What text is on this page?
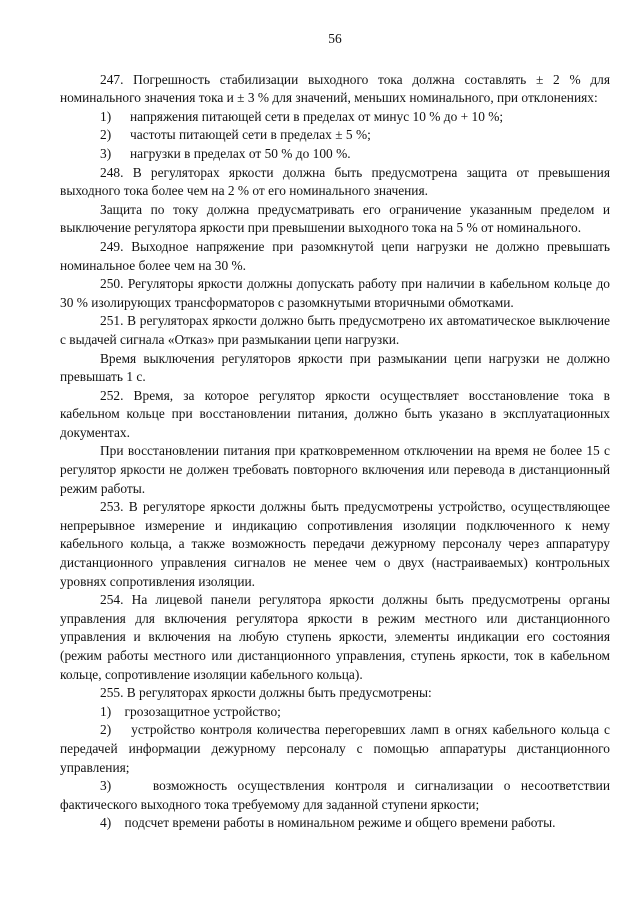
56

247. Погрешность стабилизации выходного тока должна составлять ± 2 % для номинального значения тока и ± 3 % для значений, меньших номинального, при отклонениях:

1)	напряжения питающей сети в пределах от минус 10 % до + 10 %;
2)	частоты питающей сети в пределах ± 5 %;
3)	нагрузки в пределах от 50 % до 100 %.

248. В регуляторах яркости должна быть предусмотрена защита от превышения выходного тока более чем на 2 % от его номинального значения.

Защита по току должна предусматривать его ограничение указанным пределом и выключение регулятора яркости при превышении выходного тока на 5 % от номинального.

249. Выходное напряжение при разомкнутой цепи нагрузки не должно превышать номинальное более чем на 30 %.

250. Регуляторы яркости должны допускать работу при наличии в кабельном кольце до 30 % изолирующих трансформаторов с разомкнутыми вторичными обмотками.

251. В регуляторах яркости должно быть предусмотрено их автоматическое выключение с выдачей сигнала «Отказ» при размыкании цепи нагрузки.

Время выключения регуляторов яркости при размыкании цепи нагрузки не должно превышать 1 с.

252. Время, за которое регулятор яркости осуществляет восстановление тока в кабельном кольце при восстановлении питания, должно быть указано в эксплуатационных документах.

При восстановлении питания при кратковременном отключении на время не более 15 с регулятор яркости не должен требовать повторного включения или перевода в дистанционный режим работы.

253. В регуляторе яркости должны быть предусмотрены устройство, осуществляющее непрерывное измерение и индикацию сопротивления изоляции подключенного к нему кабельного кольца, а также возможность передачи дежурному персоналу через аппаратуру дистанционного управления сигналов не менее чем о двух (настраиваемых) контрольных уровнях сопротивления изоляции.

254. На лицевой панели регулятора яркости должны быть предусмотрены органы управления для включения регулятора яркости в режим местного или дистанционного управления и включения на любую ступень яркости, элементы индикации его состояния (режим работы местного или дистанционного управления, ступень яркости, ток в кабельном кольце, сопротивление изоляции кабельного кольца).

255. В регуляторах яркости должны быть предусмотрены:

1) грозозащитное устройство;

2) устройство контроля количества перегоревших ламп в огнях кабельного кольца с передачей информации дежурному персоналу с помощью аппаратуры дистанционного управления;

3)	возможность осуществления контроля и сигнализации о несоответствии фактического выходного тока требуемому для заданной ступени яркости;

4) подсчет времени работы в номинальном режиме и общего времени работы.
